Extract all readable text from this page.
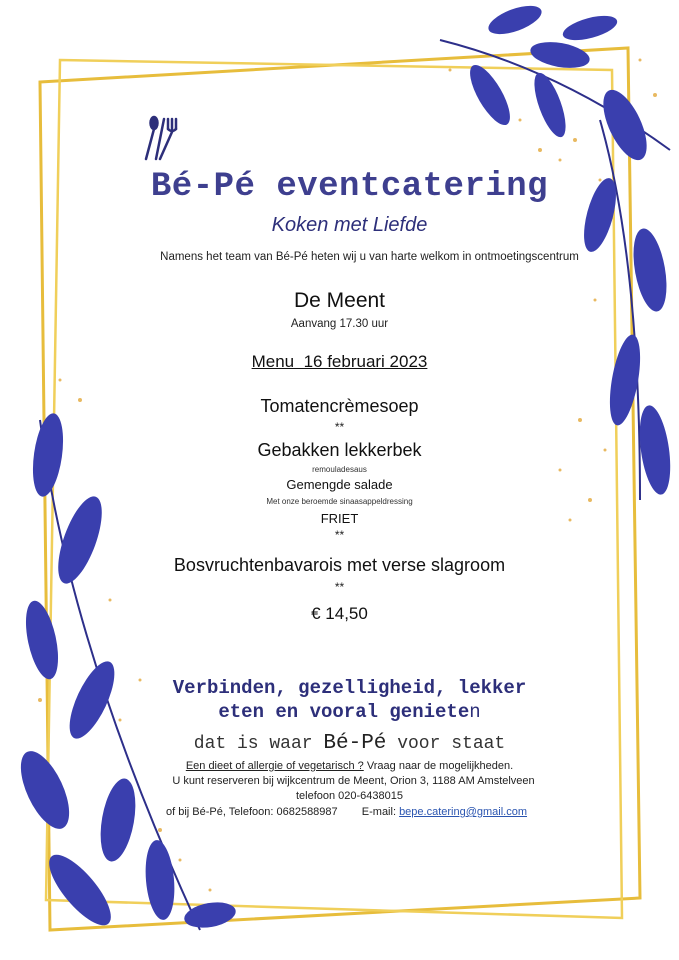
Bé-Pé eventcatering
Koken met Liefde
Namens het team van Bé-Pé heten wij u van harte welkom in ontmoetingscentrum
De Meent
Aanvang 17.30 uur
Menu  16 februari 2023
Tomatencrèmesoep
**
Gebakken lekkerbek
remouladesaus
Gemengde salade
Met onze beroemde sinaasappeldressing
FRIET
**
Bosvruchtenbavarois met verse slagroom
**
€ 14,50
Verbinden, gezelligheid, lekker
eten en vooral genieten
dat is waar Bé-Pé voor staat
Een dieet of allergie of vegetarisch ? Vraag naar de mogelijkheden.
U kunt reserveren bij wijkcentrum de Meent, Orion 3, 1188 AM Amstelveen
telefoon 020-6438015
of bij Bé-Pé, Telefoon: 0682588987 E-mail: bepe.catering@gmail.com
